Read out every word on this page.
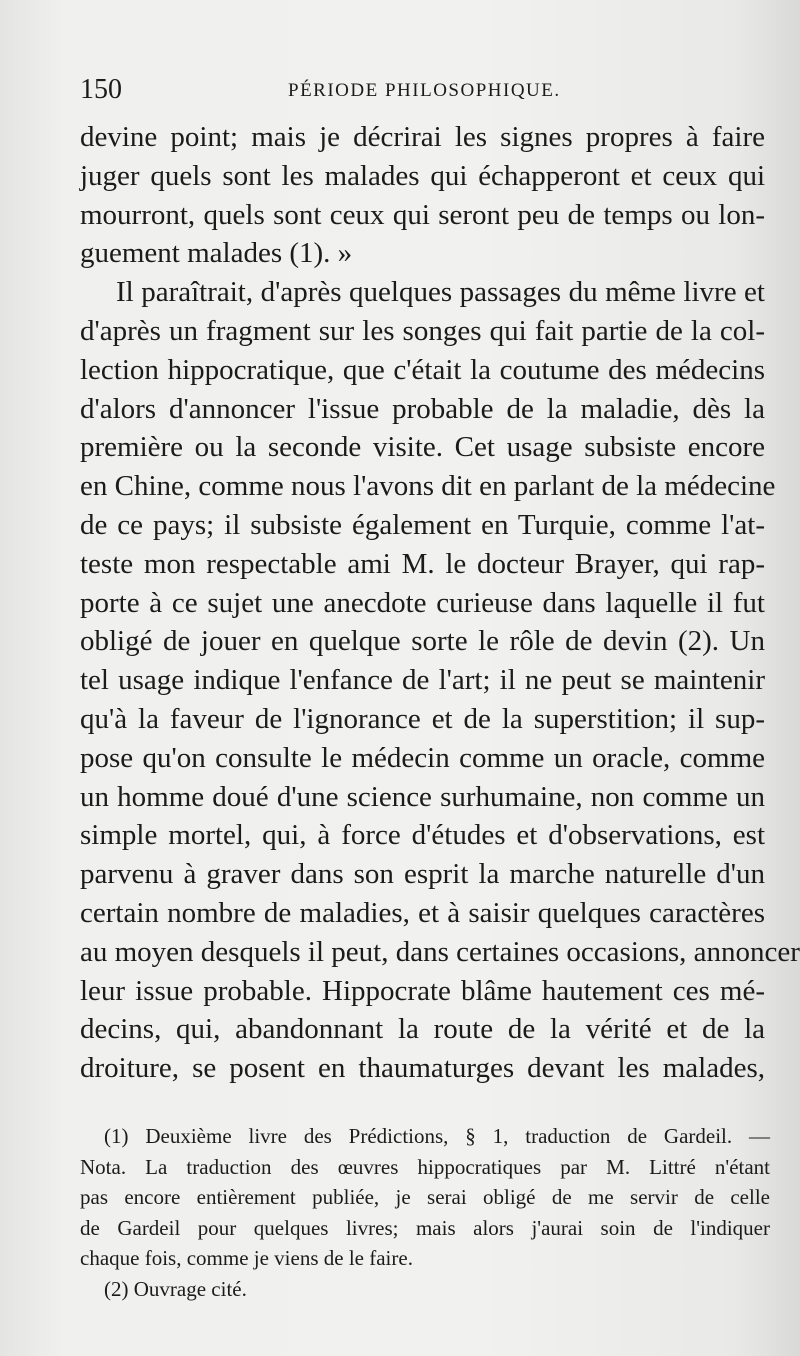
150	PÉRIODE PHILOSOPHIQUE.
devine point; mais je décrirai les signes propres à faire
juger quels sont les malades qui échapperont et ceux qui
mourront, quels sont ceux qui seront peu de temps ou lon-
guement malades (1). »
Il paraîtrait, d'après quelques passages du même livre et
d'après un fragment sur les songes qui fait partie de la col-
lection hippocratique, que c'était la coutume des médecins
d'alors d'annoncer l'issue probable de la maladie, dès la
première ou la seconde visite. Cet usage subsiste encore
en Chine, comme nous l'avons dit en parlant de la médecine
de ce pays; il subsiste également en Turquie, comme l'at-
teste mon respectable ami M. le docteur Brayer, qui rap-
porte à ce sujet une anecdote curieuse dans laquelle il fut
obligé de jouer en quelque sorte le rôle de devin (2). Un
tel usage indique l'enfance de l'art; il ne peut se maintenir
qu'à la faveur de l'ignorance et de la superstition; il sup-
pose qu'on consulte le médecin comme un oracle, comme
un homme doué d'une science surhumaine, non comme un
simple mortel, qui, à force d'études et d'observations, est
parvenu à graver dans son esprit la marche naturelle d'un
certain nombre de maladies, et à saisir quelques caractères
au moyen desquels il peut, dans certaines occasions, annoncer
leur issue probable. Hippocrate blâme hautement ces mé-
decins, qui, abandonnant la route de la vérité et de la
droiture, se posent en thaumaturges devant les malades,
(1) Deuxième livre des Prédictions, § 1, traduction de Gardeil. —
Nota. La traduction des œuvres hippocratiques par M. Littré n'étant
pas encore entièrement publiée, je serai obligé de me servir de celle
de Gardeil pour quelques livres; mais alors j'aurai soin de l'indiquer
chaque fois, comme je viens de le faire.
(2) Ouvrage cité.
